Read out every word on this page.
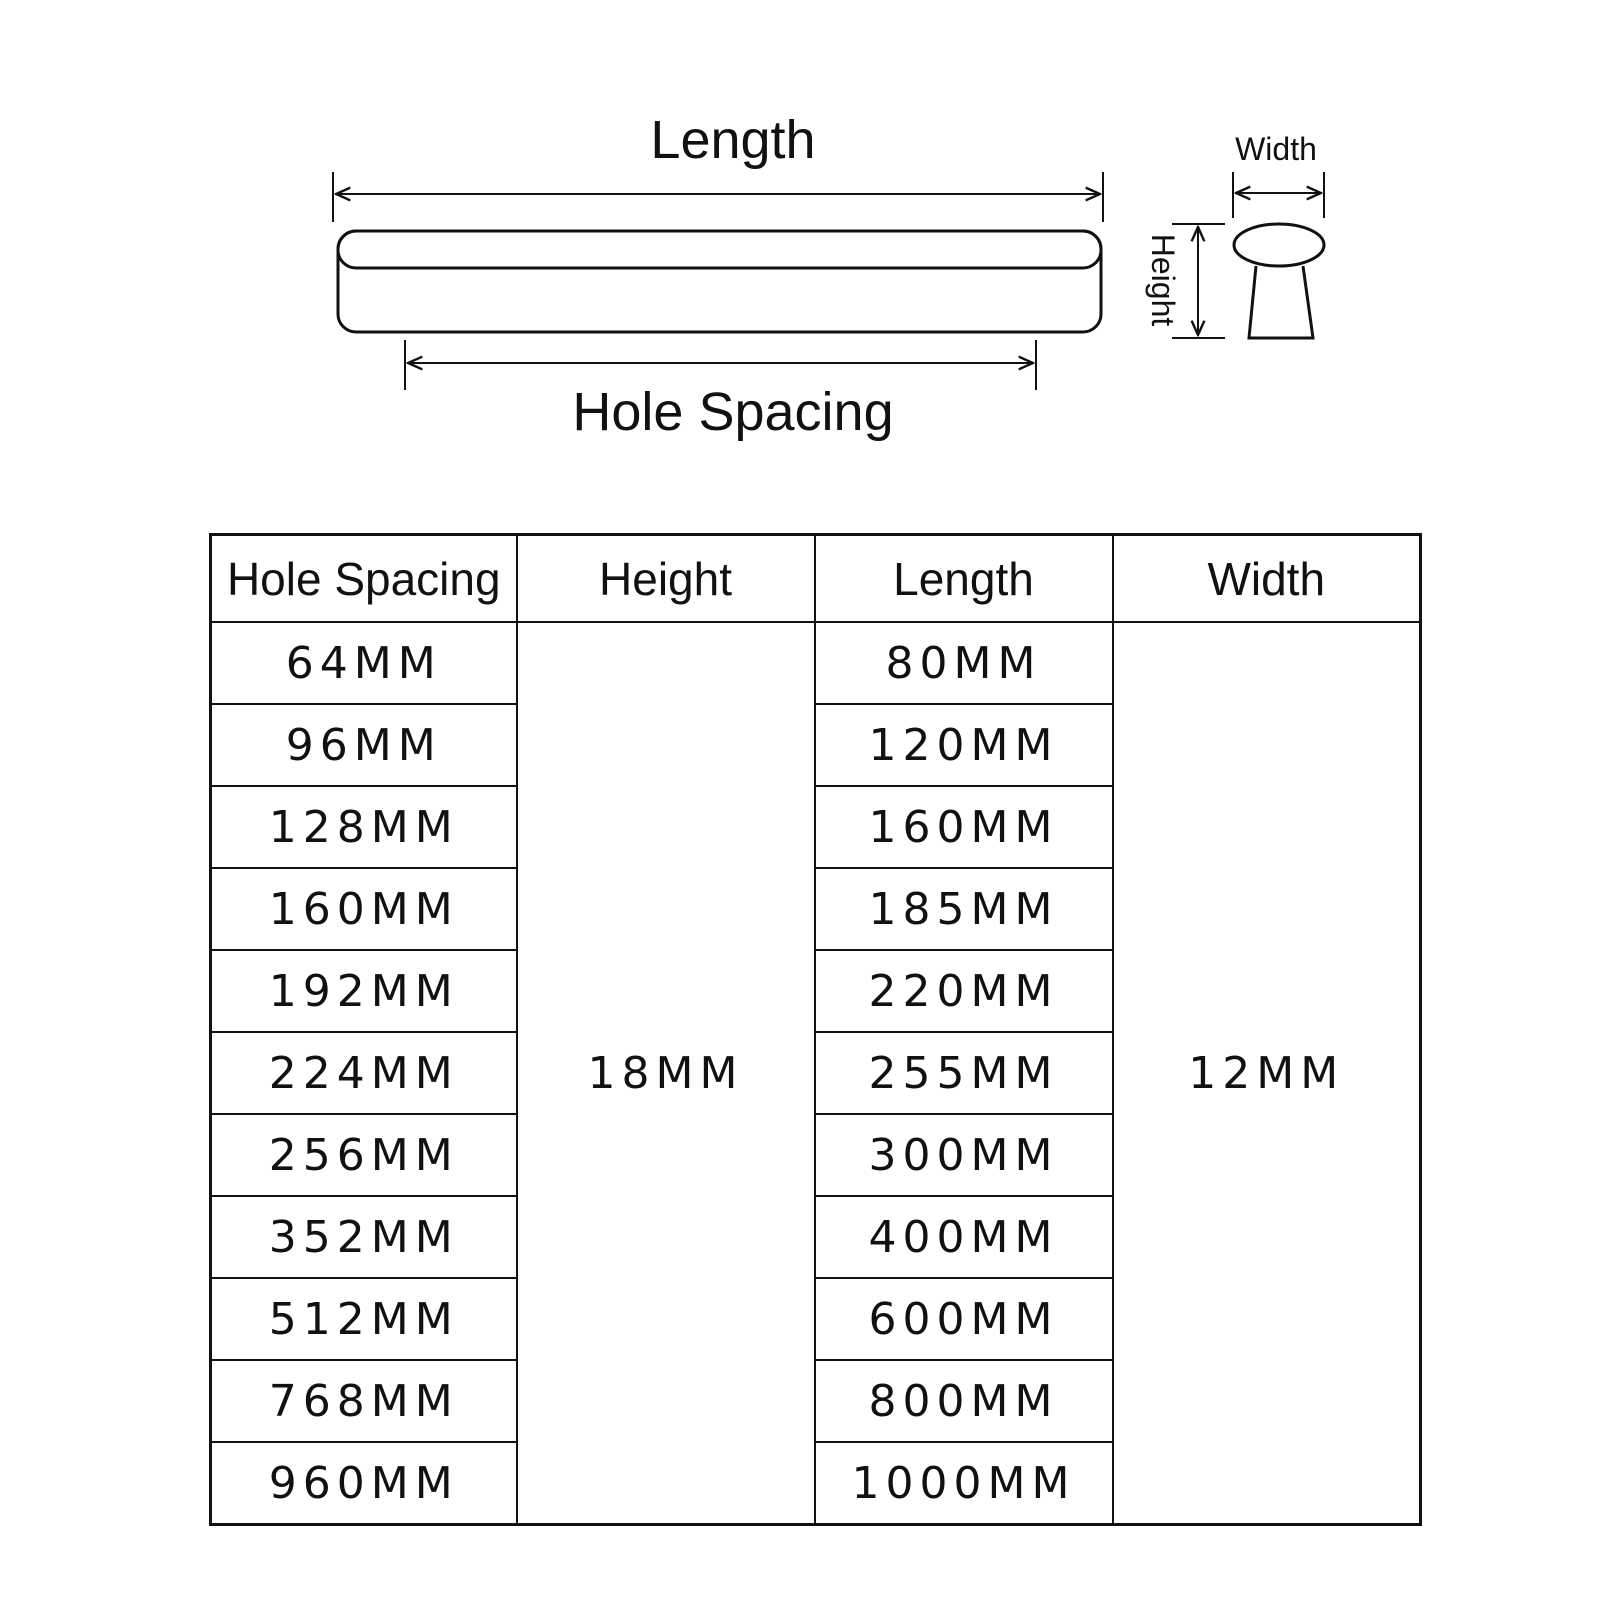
Length
Hole Spacing
Width
Height
Hole Spacing	Height	Length	Width
64MM	18MM	80MM	12MM
96MM		120MM	
128MM		160MM	
160MM		185MM	
192MM		220MM	
224MM		255MM	
256MM		300MM	
352MM		400MM	
512MM		600MM	
768MM		800MM	
960MM		1000MM	
